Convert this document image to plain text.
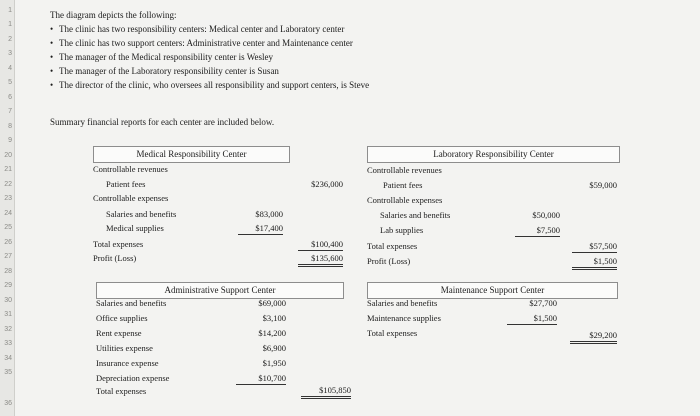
1
1
2
3
4
5
6
7
8
9
20
21
22
23
24
25
26
27
28
29
30
31
32
33
34
35
36
The diagram depicts the following:
• The clinic has two responsibility centers: Medical center and Laboratory center
• The clinic has two support centers: Administrative center and Maintenance center
• The manager of the Medical responsibility center is Wesley
• The manager of the Laboratory responsibility center is Susan
• The director of the clinic, who oversees all responsibility and support centers, is Steve
Summary financial reports for each center are included below.
Medical Responsibility Center
Controllable revenues
Patient fees	$236,000
Controllable expenses
Salaries and benefits	$83,000
Medical supplies	$17,400
Total expenses	$100,400
Profit (Loss)	$135,600
Laboratory Responsibility Center
Controllable revenues
Patient fees	$59,000
Controllable expenses
Salaries and benefits	$50,000
Lab supplies	$7,500
Total expenses	$57,500
Profit (Loss)	$1,500
Administrative Support Center
Salaries and benefits	$69,000
Office supplies	$3,100
Rent expense	$14,200
Utilities expense	$6,900
Insurance expense	$1,950
Depreciation expense	$10,700
Total expenses	$105,850
Maintenance Support Center
Salaries and benefits	$27,700
Maintenance supplies	$1,500
Total expenses	$29,200
